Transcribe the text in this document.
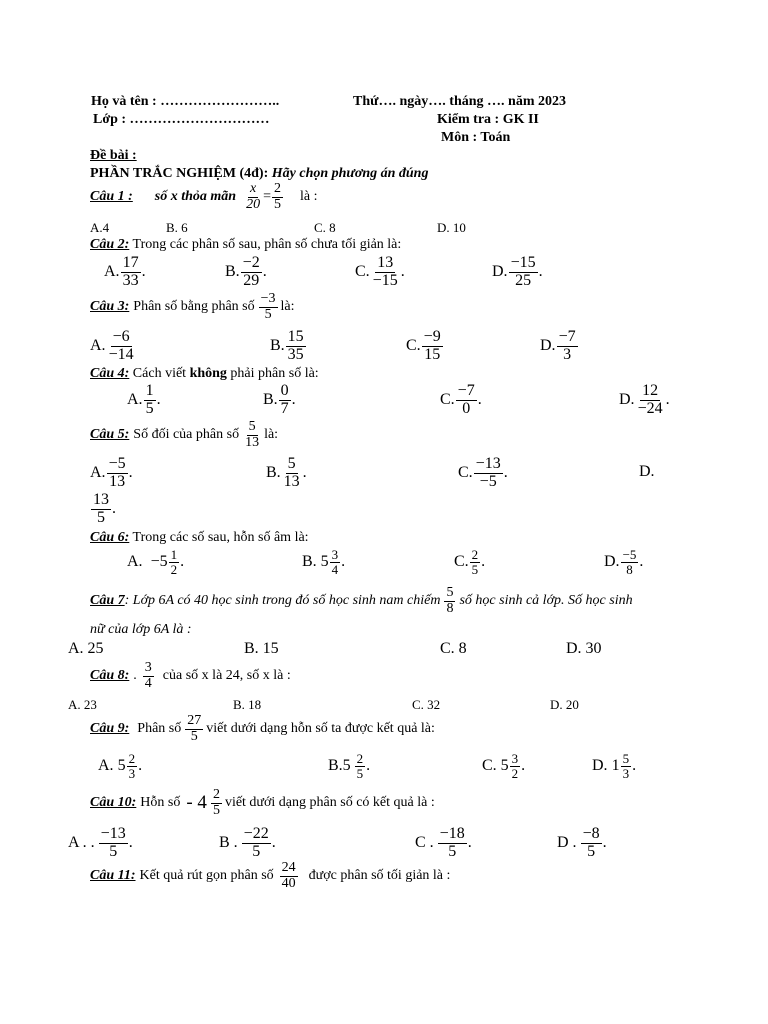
Họ và tên : ……………………..	Thứ…. ngày…. tháng …. năm 2023
Lớp : …………………………	Kiểm tra : GK II
Môn : Toán
Đề bài :
PHẦN TRẮC NGHIỆM (4đ): Hãy chọn phương án đúng
Câu 1 : số x thỏa mãn $\frac{x}{20} = \frac{2}{5}$ là :
A.4	B. 6	C. 8	D. 10
Câu 2: Trong các phân số sau, phân số chưa tối giản là:
A. $\frac{17}{33}$ .	B. $\frac{-2}{29}$ .	C. $\frac{13}{-15}$ .	D. $\frac{-15}{25}$ .
Câu 3: Phân số bằng phân số $\frac{-3}{5}$ là:
A. $\frac{-6}{-14}$	B. $\frac{15}{35}$	C. $\frac{-9}{15}$	D. $\frac{-7}{3}$
Câu 4: Cách viết không phải phân số là:
A. $\frac{1}{5}$ .	B. $\frac{0}{7}$ .	C. $\frac{-7}{0}$ .	D. $\frac{12}{-24}$ .
Câu 5: Số đối của phân số $\frac{5}{13}$ là:
A. $\frac{-5}{13}$ .	B. $\frac{5}{13}$ .	C. $\frac{-13}{-5}$ .	D.
$\frac{13}{5}$ .
Câu 6: Trong các số sau, hỗn số âm là:
A. $-5 \frac{1}{2}$ .	B. $5 \frac{3}{4}$ .	C. $\frac{2}{5}$ .	D. $\frac{-5}{8}$ .
Câu 7 : Lớp 6A có 40 học sinh trong đó số học sinh nam chiếm $\frac{5}{8}$ số học sinh cả lớp. Số học sinh
nữ của lớp 6A là :
A. 25	B. 15	C. 8	D. 30
Câu 8: . $\frac{3}{4}$ của số x là 24, số x là :
A. 23	B. 18	C. 32	D. 20
Câu 9: Phân số $\frac{27}{5}$ viết dưới dạng hỗn số ta được kết quả là:
A. $5 \frac{2}{3}$ .	$B.5 \frac{2}{5}$ .	C. $5 \frac{3}{2}$ .	D. $1 \frac{5}{3}$ .
Câu 10: Hỗn số - $4 \frac{2}{5}$ viết dưới dạng phân số có kết quả là :
A . . $\frac{-13}{5}$ .	B . $\frac{-22}{5}$ .	C . $\frac{-18}{5}$ .	D . $\frac{-8}{5}$ .
Câu 11: Kết quả rút gọn phân số $\frac{24}{40}$ được phân số tối giản là :
